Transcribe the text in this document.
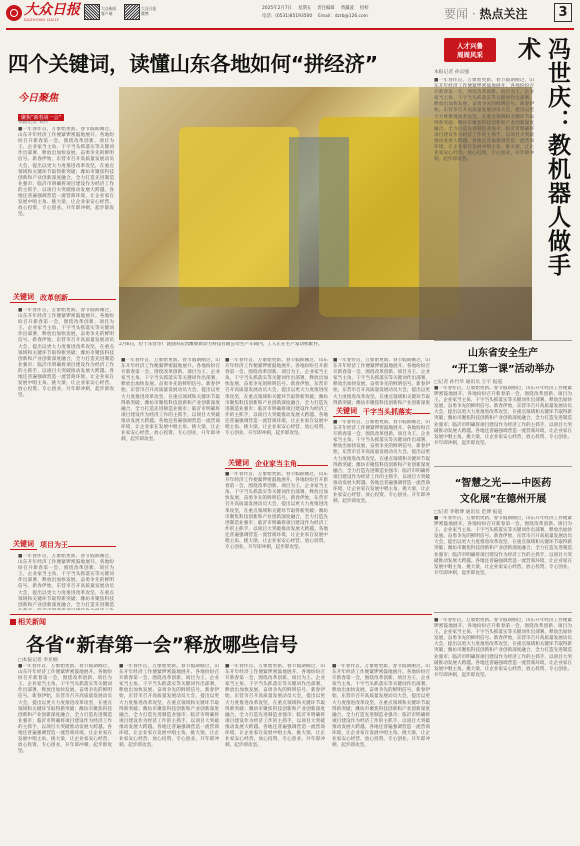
大众日报
DAZHONG DAILY
大众新闻
客户端
大众日报
微博
2025年2月7日 星期五 责任编辑 黄瀛波 检校
电话：(0531)85193500 Email：dzrb@126.com	要闻 · 热点关注 3
四个关键词，读懂山东各地如何“拼经济”
今日聚焦
聚焦“新春第一会”
本报记者 刘兵
■一年春作首，万象始更新。春节假期刚过，山东开年经济工作便紧锣密鼓地展开。各地纷纷召开新春第一会，围绕改革创新、项目为王、企业家当主角、干字当头抓落实等关键词作出部署，释放出加快发展、奋勇争先的鲜明信号。新春伊始，东营市召开高质量发展动员大会，提出以更大力度推进改革攻坚，在重点领域和关键环节取得新突破；潍坊市聚焦科技创新和产业创新深度融合，全力打造先进制造业强市；临沂市明确将项目建设作为经济工作的主抓手，以项目大突破推动发展大跨越。各地还普遍强调营造一流营商环境，让企业家在发展中唱主角、挑大梁，让企业家安心经营、放心投资、专心创业。开年即冲刺，起步即攻坚。
2月6日，位于东营市广饶县的东营潍柴新动力科技有限公司生产车间内，工人正在生产发动机配件。
关键词 改革创新
■一年春作首，万象始更新。春节假期刚过，山东开年经济工作便紧锣密鼓地展开。各地纷纷召开新春第一会，围绕改革创新、项目为王、企业家当主角、干字当头抓落实等关键词作出部署，释放出加快发展、奋勇争先的鲜明信号。新春伊始，东营市召开高质量发展动员大会，提出以更大力度推进改革攻坚，在重点领域和关键环节取得新突破；潍坊市聚焦科技创新和产业创新深度融合，全力打造先进制造业强市；临沂市明确将项目建设作为经济工作的主抓手，以项目大突破推动发展大跨越。各地还普遍强调营造一流营商环境，让企业家在发展中唱主角、挑大梁，让企业家安心经营、放心投资、专心创业。开年即冲刺，起步即攻坚。
关键词 项目为王
■一年春作首，万象始更新。春节假期刚过，山东开年经济工作便紧锣密鼓地展开。各地纷纷召开新春第一会，围绕改革创新、项目为王、企业家当主角、干字当头抓落实等关键词作出部署，释放出加快发展、奋勇争先的鲜明信号。新春伊始，东营市召开高质量发展动员大会，提出以更大力度推进改革攻坚，在重点领域和关键环节取得新突破；潍坊市聚焦科技创新和产业创新深度融合，全力打造先进制造
■一年春作首，万象始更新。春节假期刚过，山东开年经济工作便紧锣密鼓地展开。各地纷纷召开新春第一会，围绕改革创新、项目为王、企业家当主角、干字当头抓落实等关键词作出部署，释放出加快发展、奋勇争先的鲜明信号。新春伊始，东营市召开高质量发展动员大会，提出以更大力度推进改革攻坚，在重点领域和关键环节取得新突破；潍坊市聚焦科技创新和产业创新深度融合，全力打造先进制造业强市；临沂市明确将项目建设作为经济工作的主抓手，以项目大突破推动发展大跨越。各地还普遍强调营造一流营商环境，让企业家在发展中唱主角、挑大梁，让企业家安心经营、放心投资、专心创业。开年即冲刺，起步即攻坚。
■一年春作首，万象始更新。春节假期刚过，山东开年经济工作便紧锣密鼓地展开。各地纷纷召开新春第一会，围绕改革创新、项目为王、企业家当主角、干字当头抓落实等关键词作出部署，释放出加快发展、奋勇争先的鲜明信号。新春伊始，东营市召开高质量发展动员大会，提出以更大力度推进改革攻坚，在重点领域和关键环节取得新突破；潍坊市聚焦科技创新和产业创新深度融合，全力打造先进制造业强市；临沂市明确将项目建设作为经济工作的主抓手，以项目大突破推动发展大跨越。各地还普遍强调营造一流营商环境，让企业家在发展中唱主角、挑大梁，让企业家安心经营、放心投资、专心创业。开年即冲刺，起步即攻坚。
关键词 企业家当主角
■一年春作首，万象始更新。春节假期刚过，山东开年经济工作便紧锣密鼓地展开。各地纷纷召开新春第一会，围绕改革创新、项目为王、企业家当主角、干字当头抓落实等关键词作出部署，释放出加快发展、奋勇争先的鲜明信号。新春伊始，东营市召开高质量发展动员大会，提出以更大力度推进改革攻坚，在重点领域和关键环节取得新突破；潍坊市聚焦科技创新和产业创新深度融合，全力打造先进制造业强市；临沂市明确将项目建设作为经济工作的主抓手，以项目大突破推动发展大跨越。各地还普遍强调营造一流营商环境，让企业家在发展中唱主角、挑大梁，让企业家安心经营、放心投资、专心创业。开年即冲刺，起步即攻坚。
■一年春作首，万象始更新。春节假期刚过，山东开年经济工作便紧锣密鼓地展开。各地纷纷召开新春第一会，围绕改革创新、项目为王、企业家当主角、干字当头抓落实等关键词作出部署，释放出加快发展、奋勇争先的鲜明信号。新春伊始，东营市召开高质量发展动员大会，提出以更大力度推进改革攻坚，在重点领域和关键环节取得新突破；潍坊市聚焦科技创新和产业创新深度
关键词 干字当头抓落实
■一年春作首，万象始更新。春节假期刚过，山东开年经济工作便紧锣密鼓地展开。各地纷纷召开新春第一会，围绕改革创新、项目为王、企业家当主角、干字当头抓落实等关键词作出部署，释放出加快发展、奋勇争先的鲜明信号。新春伊始，东营市召开高质量发展动员大会，提出以更大力度推进改革攻坚，在重点领域和关键环节取得新突破；潍坊市聚焦科技创新和产业创新深度融合，全力打造先进制造业强市；临沂市明确将项目建设作为经济工作的主抓手，以项目大突破推动发展大跨越。各地还普遍强调营造一流营商环境，让企业家在发展中唱主角、挑大梁，让企业家安心经营、放心投资、专心创业。开年即冲刺，起步即攻坚。
人才兴鲁
周周风采
本报记者 孙宗强
■一年春作首，万象始更新。春节假期刚过，山东开年经济工作便紧锣密鼓地展开。各地纷纷召开新春第一会，围绕改革创新、项目为王、企业家当主角、干字当头抓落实等关键词作出部署，释放出加快发展、奋勇争先的鲜明信号。新春伊始，东营市召开高质量发展动员大会，提出以更大力度推进改革攻坚，在重点领域和关键环节取得新突破；潍坊市聚焦科技创新和产业创新深度融合，全力打造先进制造业强市；临沂市明确将项目建设作为经济工作的主抓手，以项目大突破推动发展大跨越。各地还普遍强调营造一流营商环境，让企业家在发展中唱主角、挑大梁，让企业家安心经营、放心投资、专心创业。开年即冲刺，起步即攻坚。	冯世庆：教机器人做手术
山东省安全生产
“开工第一课”活动举办
□记者 孙竹华 通讯员 王宇 报道
■一年春作首，万象始更新。春节假期刚过，山东开年经济工作便紧锣密鼓地展开。各地纷纷召开新春第一会，围绕改革创新、项目为王、企业家当主角、干字当头抓落实等关键词作出部署，释放出加快发展、奋勇争先的鲜明信号。新春伊始，东营市召开高质量发展动员大会，提出以更大力度推进改革攻坚，在重点领域和关键环节取得新突破；潍坊市聚焦科技创新和产业创新深度融合，全力打造先进制造业强市；临沂市明确将项目建设作为经济工作的主抓手，以项目大突破推动发展大跨越。各地还普遍强调营造一流营商环境，让企业家在发展中唱主角、挑大梁，让企业家安心经营、放心投资、专心创业。开年即冲刺，起步即攻坚。
“智慧之光——中医药
文化展”在德州开展
□记者 李敬博 通讯员 范博 报道
■一年春作首，万象始更新。春节假期刚过，山东开年经济工作便紧锣密鼓地展开。各地纷纷召开新春第一会，围绕改革创新、项目为王、企业家当主角、干字当头抓落实等关键词作出部署，释放出加快发展、奋勇争先的鲜明信号。新春伊始，东营市召开高质量发展动员大会，提出以更大力度推进改革攻坚，在重点领域和关键环节取得新突破；潍坊市聚焦科技创新和产业创新深度融合，全力打造先进制造业强市；临沂市明确将项目建设作为经济工作的主抓手，以项目大突破推动发展大跨越。各地还普遍强调营造一流营商环境，让企业家在发展中唱主角、挑大梁，让企业家安心经营、放心投资、专心创业。开年即冲刺，起步即攻坚。
相关新闻
各省“新春第一会”释放哪些信号
□本报记者 李亚楠
■一年春作首，万象始更新。春节假期刚过，山东开年经济工作便紧锣密鼓地展开。各地纷纷召开新春第一会，围绕改革创新、项目为王、企业家当主角、干字当头抓落实等关键词作出部署，释放出加快发展、奋勇争先的鲜明信号。新春伊始，东营市召开高质量发展动员大会，提出以更大力度推进改革攻坚，在重点领域和关键环节取得新突破；潍坊市聚焦科技创新和产业创新深度融合，全力打造先进制造业强市；临沂市明确将项目建设作为经济工作的主抓手，以项目大突破推动发展大跨越。各地还普遍强调营造一流营商环境，让企业家在发展中唱主角、挑大梁，让企业家安心经营、放心投资、专心创业。开年即冲刺，起步即攻坚。
■一年春作首，万象始更新。春节假期刚过，山东开年经济工作便紧锣密鼓地展开。各地纷纷召开新春第一会，围绕改革创新、项目为王、企业家当主角、干字当头抓落实等关键词作出部署，释放出加快发展、奋勇争先的鲜明信号。新春伊始，东营市召开高质量发展动员大会，提出以更大力度推进改革攻坚，在重点领域和关键环节取得新突破；潍坊市聚焦科技创新和产业创新深度融合，全力打造先进制造业强市；临沂市明确将项目建设作为经济工作的主抓手，以项目大突破推动发展大跨越。各地还普遍强调营造一流营商环境，让企业家在发展中唱主角、挑大梁，让企业家安心经营、放心投资、专心创业。开年即冲刺，起步即攻坚。
■一年春作首，万象始更新。春节假期刚过，山东开年经济工作便紧锣密鼓地展开。各地纷纷召开新春第一会，围绕改革创新、项目为王、企业家当主角、干字当头抓落实等关键词作出部署，释放出加快发展、奋勇争先的鲜明信号。新春伊始，东营市召开高质量发展动员大会，提出以更大力度推进改革攻坚，在重点领域和关键环节取得新突破；潍坊市聚焦科技创新和产业创新深度融合，全力打造先进制造业强市；临沂市明确将项目建设作为经济工作的主抓手，以项目大突破推动发展大跨越。各地还普遍强调营造一流营商环境，让企业家在发展中唱主角、挑大梁，让企业家安心经营、放心投资、专心创业。开年即冲刺，起步即攻坚。
■一年春作首，万象始更新。春节假期刚过，山东开年经济工作便紧锣密鼓地展开。各地纷纷召开新春第一会，围绕改革创新、项目为王、企业家当主角、干字当头抓落实等关键词作出部署，释放出加快发展、奋勇争先的鲜明信号。新春伊始，东营市召开高质量发展动员大会，提出以更大力度推进改革攻坚，在重点领域和关键环节取得新突破；潍坊市聚焦科技创新和产业创新深度融合，全力打造先进制造业强市；临沂市明确将项目建设作为经济工作的主抓手，以项目大突破推动发展大跨越。各地还普遍强调营造一流营商环境，让企业家在发展中唱主角、挑大梁，让企业家安心经营、放心投资、专心创业。开年即冲刺，起步即攻坚。
■一年春作首，万象始更新。春节假期刚过，山东开年经济工作便紧锣密鼓地展开。各地纷纷召开新春第一会，围绕改革创新、项目为王、企业家当主角、干字当头抓落实等关键词作出部署，释放出加快发展、奋勇争先的鲜明信号。新春伊始，东营市召开高质量发展动员大会，提出以更大力度推进改革攻坚，在重点领域和关键环节取得新突破；潍坊市聚焦科技创新和产业创新深度融合，全力打造先进制造业强市；临沂市明确将项目建设作为经济工作的主抓手，以项目大突破推动发展大跨越。各地还普遍强调营造一流营商环境，让企业家在发展中唱主角、挑大梁，让企业家安心经营、放心投资、专心创业。开年即冲刺，起步即攻坚。
